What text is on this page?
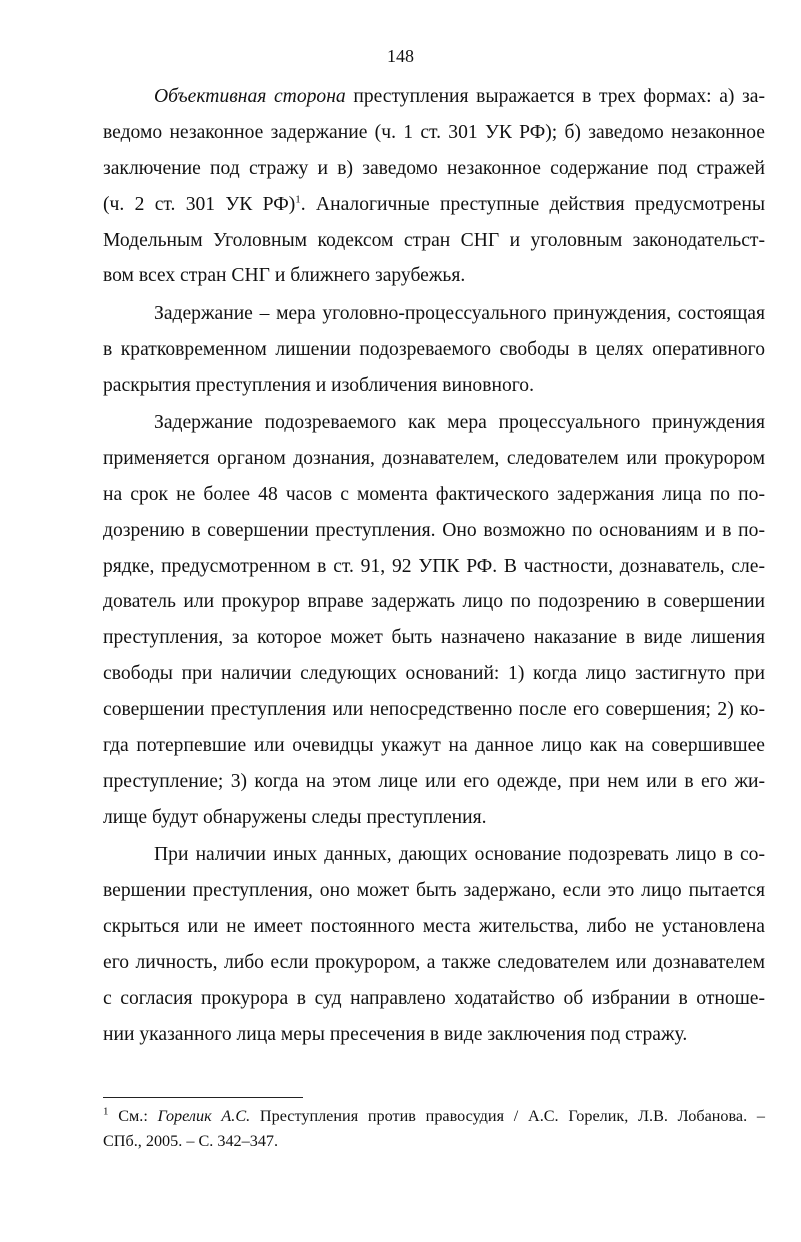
148
Объективная сторона преступления выражается в трех формах: а) за-
ведомо незаконное задержание (ч. 1 ст. 301 УК РФ); б) заведомо незаконное
заключение под стражу и в) заведомо незаконное содержание под стражей
(ч. 2 ст. 301 УК РФ)$^1$. Аналогичные преступные действия предусмотрены
Модельным Уголовным кодексом стран СНГ и уголовным законодательст-
вом всех стран СНГ и ближнего зарубежья.
Задержание – мера уголовно-процессуального принуждения, состоящая
в кратковременном лишении подозреваемого свободы в целях оперативного
раскрытия преступления и изобличения виновного.
Задержание подозреваемого как мера процессуального принуждения
применяется органом дознания, дознавателем, следователем или прокурором
на срок не более 48 часов с момента фактического задержания лица по по-
дозрению в совершении преступления. Оно возможно по основаниям и в по-
рядке, предусмотренном в ст. 91, 92 УПК РФ. В частности, дознаватель, сле-
дователь или прокурор вправе задержать лицо по подозрению в совершении
преступления, за которое может быть назначено наказание в виде лишения
свободы при наличии следующих оснований: 1) когда лицо застигнуто при
совершении преступления или непосредственно после его совершения; 2) ко-
гда потерпевшие или очевидцы укажут на данное лицо как на совершившее
преступление; 3) когда на этом лице или его одежде, при нем или в его жи-
лище будут обнаружены следы преступления.
При наличии иных данных, дающих основание подозревать лицо в со-
вершении преступления, оно может быть задержано, если это лицо пытается
скрыться или не имеет постоянного места жительства, либо не установлена
его личность, либо если прокурором, а также следователем или дознавателем
с согласия прокурора в суд направлено ходатайство об избрании в отноше-
нии указанного лица меры пресечения в виде заключения под стражу.
$^1$ См.: Горелик А.С. Преступления против правосудия / А.С. Горелик, Л.В. Лобанова. –
СПб., 2005. – С. 342–347.
